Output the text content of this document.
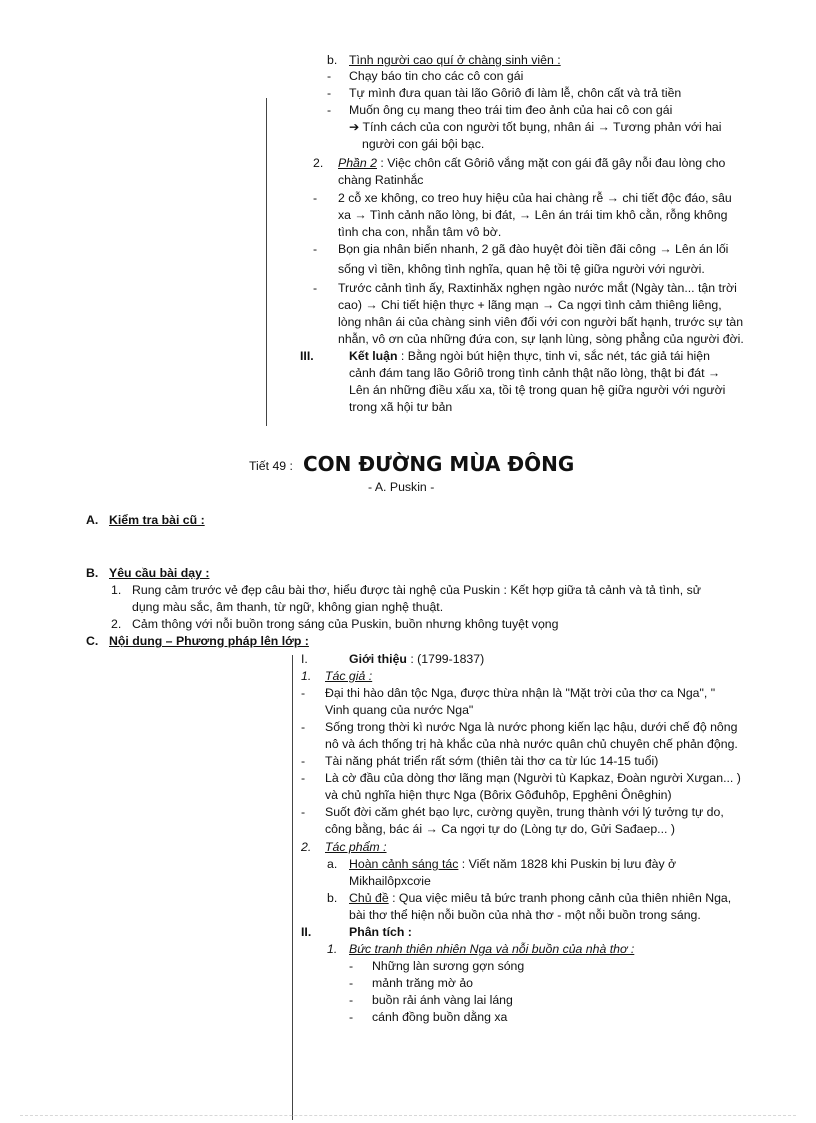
b. Tình người cao quí ở chàng sinh viên :
- Chạy báo tin cho các cô con gái
- Tự mình đưa quan tài lão Gôriô đi làm lễ, chôn cất và trả tiền
- Muốn ông cụ mang theo trái tim đeo ảnh của hai cô con gái
➔ Tính cách của con người tốt bụng, nhân ái → Tương phản với hai
người con gái bội bạc.
2. Phần 2 : Việc chôn cất Gôriô vắng mặt con gái đã gây nỗi đau lòng cho
chàng Ratinhắc
- 2 cỗ xe không, co treo huy hiệu của hai chàng rễ → chi tiết độc đáo, sâu
xa → Tình cảnh não lòng, bi đát, → Lên án trái tim khô cằn, rỗng không
tình cha con, nhẫn tâm vô bờ.
- Bọn gia nhân biến nhanh, 2 gã đào huyệt đòi tiền đãi công → Lên án lối
sống vì tiền, không tình nghĩa, quan hệ tồi tệ giữa người với người.
- Trước cảnh tình ấy, Raxtinhăx nghẹn ngào nước mắt (Ngày tàn... tận trời
cao) → Chi tiết hiện thực + lãng mạn → Ca ngợi tình cảm thiêng liêng,
lòng nhân ái của chàng sinh viên đối với con người bất hạnh, trước sự tàn
nhẫn, vô ơn của những đứa con, sự lạnh lùng, sòng phẳng của người đời.
III.	Kết luận : Bằng ngòi bút hiện thực, tinh vi, sắc nét, tác giả tái hiện
cảnh đám tang lão Gôriô trong tình cảnh thật não lòng, thật bi đát →
Lên án những điều xấu xa, tồi tệ trong quan hệ giữa người với người
trong xã hội tư bản
Tiết 49 : CON ĐƯỜNG MÙA ĐÔNG
- A. Puskin -
A. Kiểm tra bài cũ :
B. Yêu cầu bài dạy :
1. Rung cảm trước vẻ đẹp câu bài thơ, hiểu được tài nghệ của Puskin : Kết hợp giữa tả cảnh và tả tình, sử
dụng màu sắc, âm thanh, từ ngữ, không gian nghệ thuật.
2. Cảm thông với nỗi buồn trong sáng của Puskin, buồn nhưng không tuyệt vọng
C. Nội dung – Phương pháp lên lớp :
I.	Giới thiệu : (1799-1837)
1. Tác giả :
- Đại thi hào dân tộc Nga, được thừa nhận là "Mặt trời của thơ ca Nga", "
Vinh quang của nước Nga"
- Sống trong thời kì nước Nga là nước phong kiến lạc hậu, dưới chế độ nông
nô và ách thống trị hà khắc của nhà nước quân chủ chuyên chế phản động.
- Tài năng phát triển rất sớm (thiên tài thơ ca từ lúc 14-15 tuổi)
- Là cờ đầu của dòng thơ lãng mạn (Người tù Kapkaz, Đoàn người Xưgan... )
và chủ nghĩa hiện thực Nga (Bôrix Gôđuhôp, Epghêni Ônêghin)
- Suốt đời căm ghét bạo lực, cường quyền, trung thành với lý tưởng tự do,
công bằng, bác ái → Ca ngợi tự do (Lòng tự do, Gửi Sađaep... )
2. Tác phẩm :
a. Hoàn cảnh sáng tác : Viết năm 1828 khi Puskin bị lưu đày ở
Mikhailôpxcơie
b. Chủ đề : Qua việc miêu tả bức tranh phong cảnh của thiên nhiên Nga,
bài thơ thể hiện nỗi buồn của nhà thơ - một nỗi buồn trong sáng.
II.	Phân tích :
1. Bức tranh thiên nhiên Nga và nỗi buồn của nhà thơ :
- Những làn sương gợn sóng
- mảnh trăng mờ ảo
- buồn rải ánh vàng lai láng
- cánh đồng buồn dằng xa
